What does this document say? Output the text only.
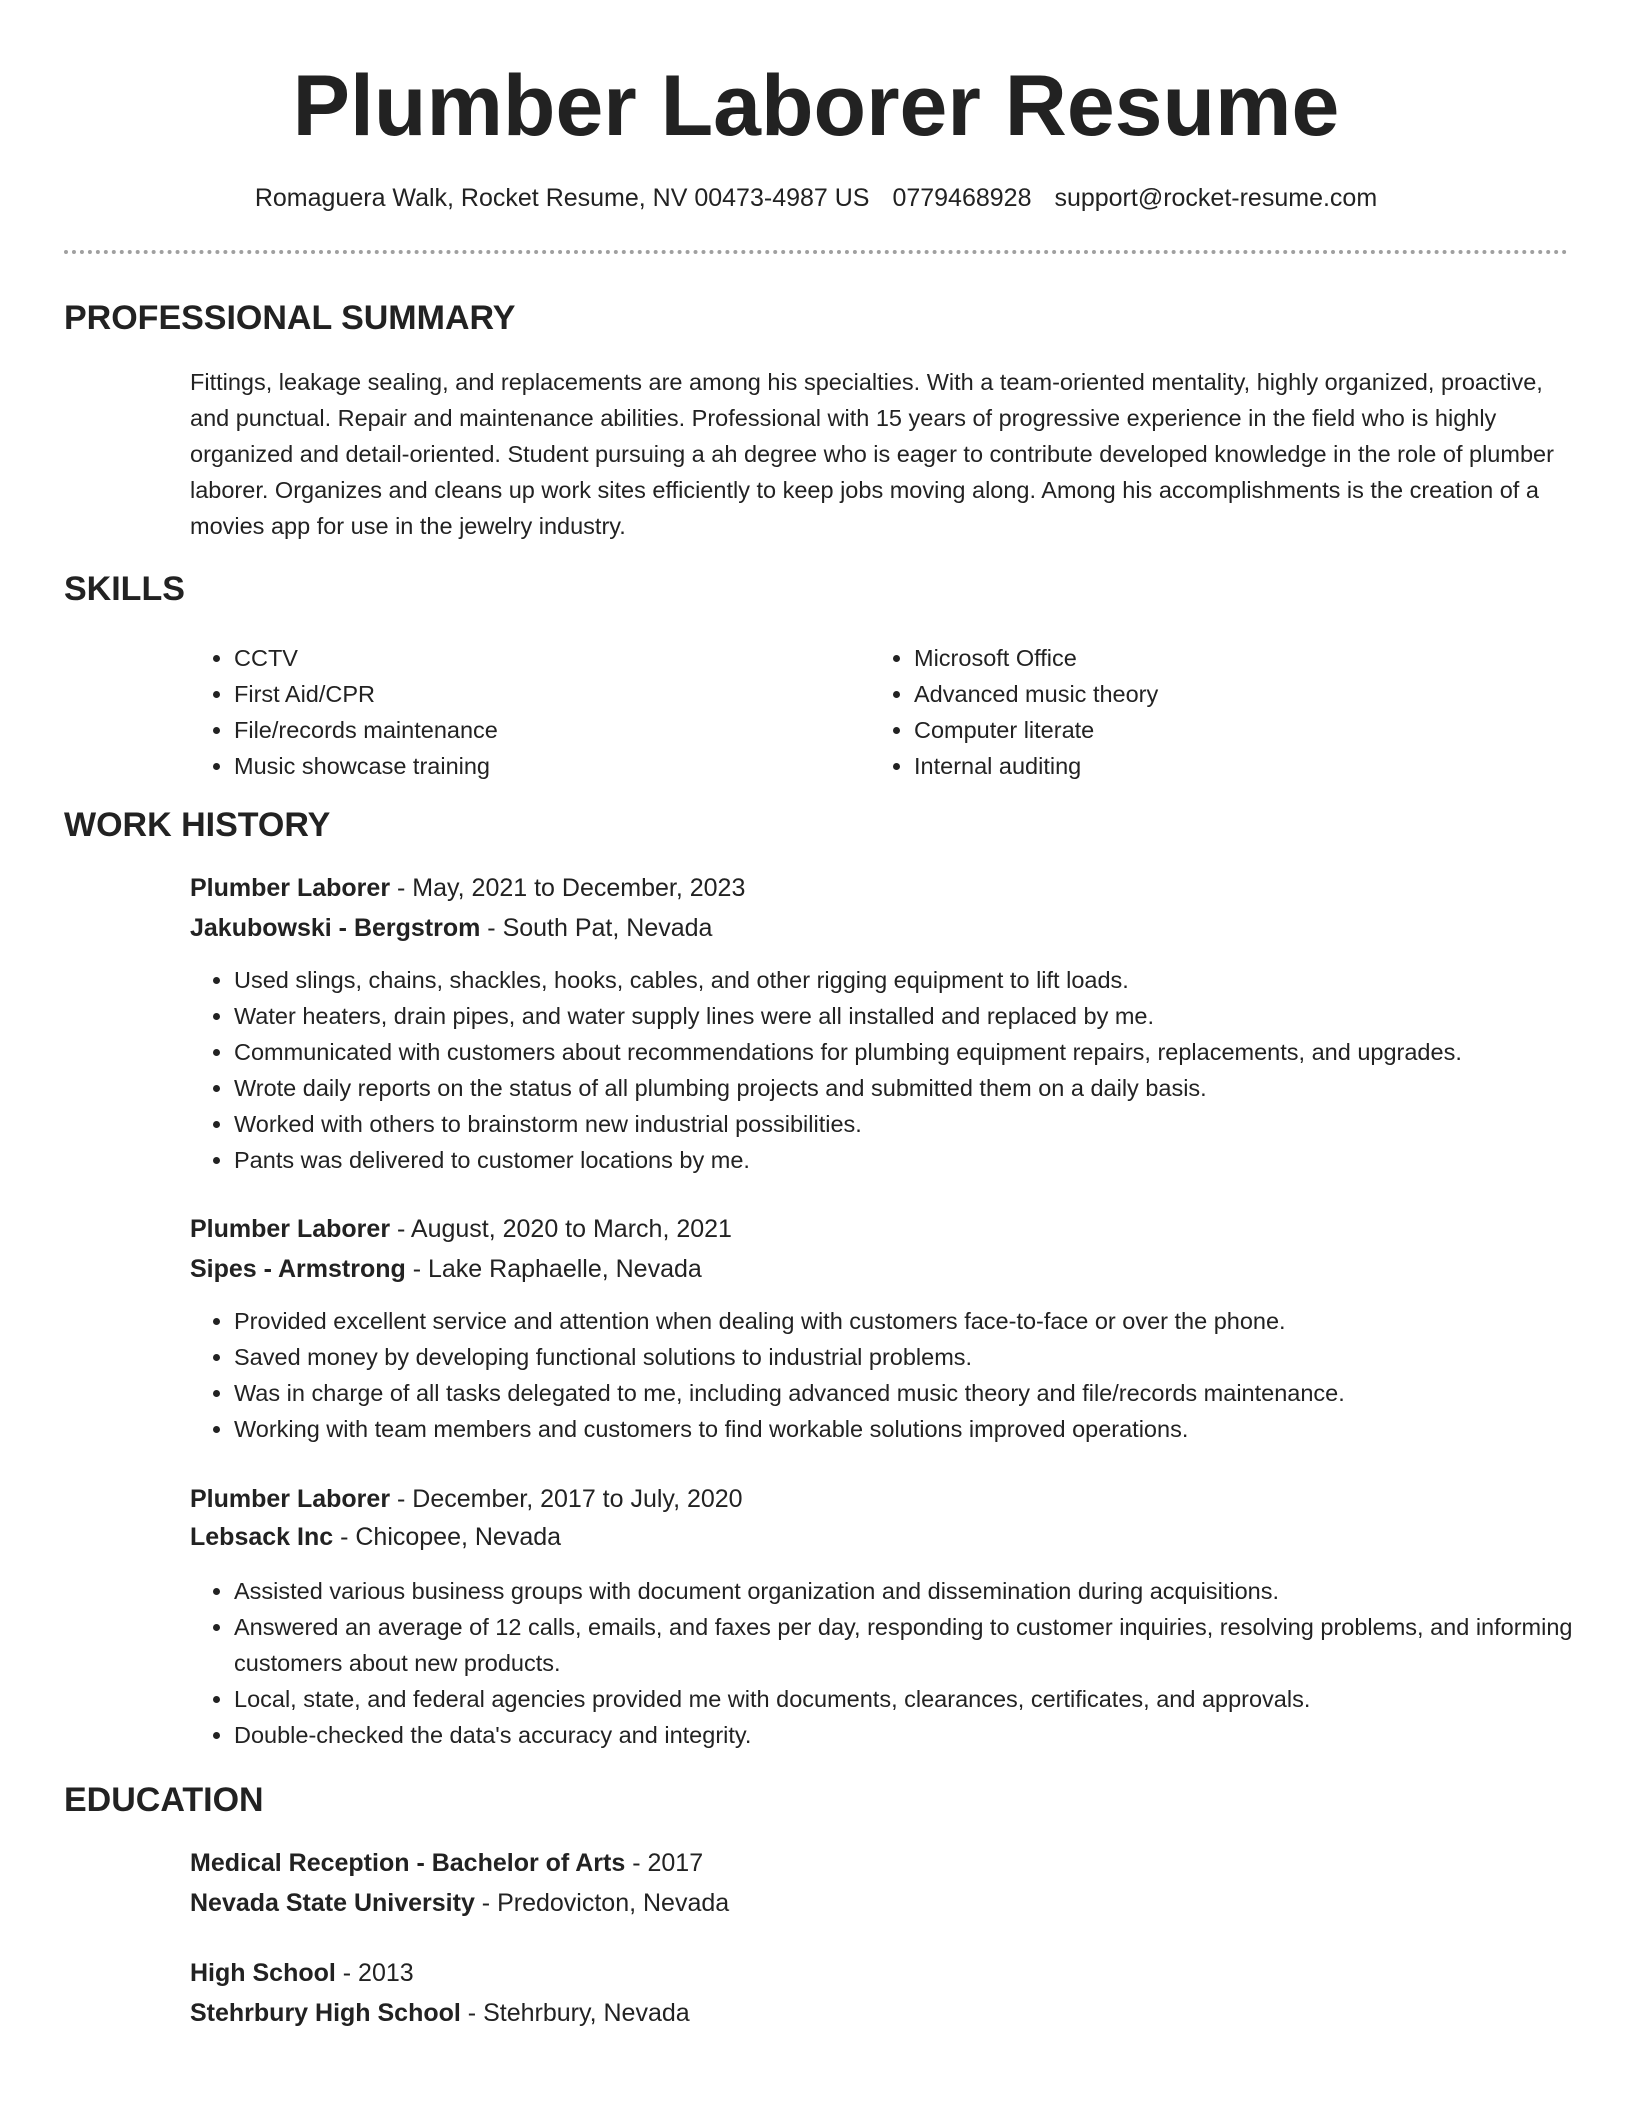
Plumber Laborer Resume
Romaguera Walk, Rocket Resume, NV 00473-4987 US 0779468928 support@rocket-resume.com
PROFESSIONAL SUMMARY

Fittings, leakage sealing, and replacements are among his specialties. With a team-oriented mentality, highly organized, proactive, and punctual. Repair and maintenance abilities. Professional with 15 years of progressive experience in the field who is highly organized and detail-oriented. Student pursuing a ah degree who is eager to contribute developed knowledge in the role of plumber laborer. Organizes and cleans up work sites efficiently to keep jobs moving along. Among his accomplishments is the creation of a movies app for use in the jewelry industry.

SKILLS
• CCTV
• First Aid/CPR
• File/records maintenance
• Music showcase training
• Microsoft Office
• Advanced music theory
• Computer literate
• Internal auditing
WORK HISTORY

Plumber Laborer - May, 2021 to December, 2023

Jakubowski - Bergstrom - South Pat, Nevada

• Used slings, chains, shackles, hooks, cables, and other rigging equipment to lift loads.
• Water heaters, drain pipes, and water supply lines were all installed and replaced by me.
• Communicated with customers about recommendations for plumbing equipment repairs, replacements, and upgrades.
• Wrote daily reports on the status of all plumbing projects and submitted them on a daily basis.
• Worked with others to brainstorm new industrial possibilities.
• Pants was delivered to customer locations by me.

Plumber Laborer - August, 2020 to March, 2021

Sipes - Armstrong - Lake Raphaelle, Nevada

• Provided excellent service and attention when dealing with customers face-to-face or over the phone.
• Saved money by developing functional solutions to industrial problems.
• Was in charge of all tasks delegated to me, including advanced music theory and file/records maintenance.
• Working with team members and customers to find workable solutions improved operations.

Plumber Laborer - December, 2017 to July, 2020

Lebsack Inc - Chicopee, Nevada

• Assisted various business groups with document organization and dissemination during acquisitions.
• Answered an average of 12 calls, emails, and faxes per day, responding to customer inquiries, resolving problems, and informing customers about new products.
• Local, state, and federal agencies provided me with documents, clearances, certificates, and approvals.
• Double-checked the data's accuracy and integrity.
EDUCATION

Medical Reception - Bachelor of Arts - 2017

Nevada State University - Predovicton, Nevada

High School - 2013

Stehrbury High School - Stehrbury, Nevada
